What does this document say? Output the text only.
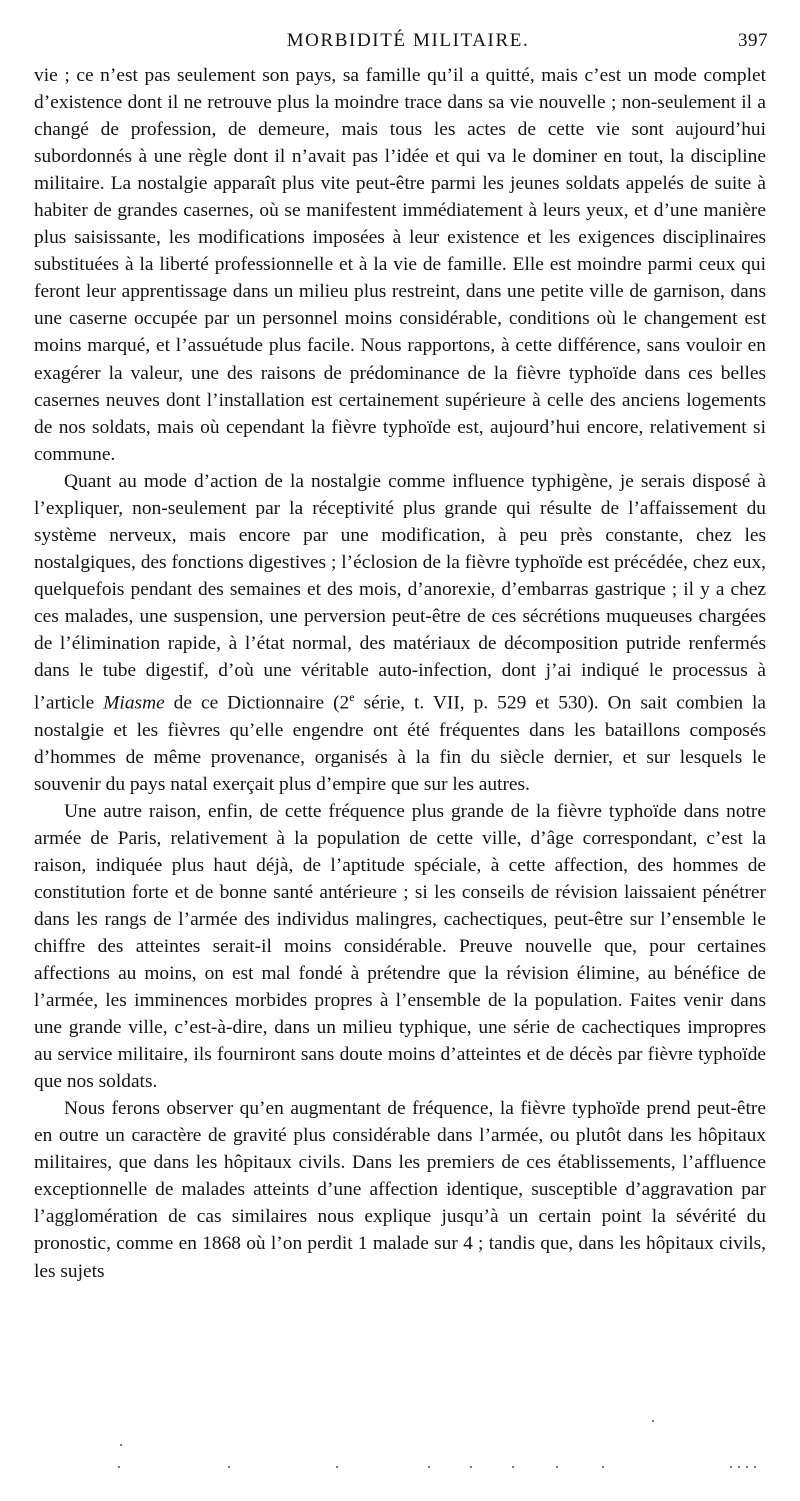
MORBIDITÉ MILITAIRE.	397

vie ; ce n’est pas seulement son pays, sa famille qu’il a quitté, mais c’est un mode complet d’existence dont il ne retrouve plus la moindre trace dans sa vie nouvelle ; non-seulement il a changé de profession, de demeure, mais tous les actes de cette vie sont aujourd’hui subordonnés à une règle dont il n’avait pas l’idée et qui va le dominer en tout, la discipline militaire. La nostalgie apparaît plus vite peut-être parmi les jeunes soldats appelés de suite à habiter de grandes casernes, où se manifestent immédiatement à leurs yeux, et d’une manière plus saisissante, les modifications imposées à leur existence et les exigences disciplinaires substituées à la liberté professionnelle et à la vie de famille. Elle est moindre parmi ceux qui feront leur apprentissage dans un milieu plus restreint, dans une petite ville de garnison, dans une caserne occupée par un personnel moins considérable, conditions où le changement est moins marqué, et l’assuétude plus facile. Nous rapportons, à cette différence, sans vouloir en exagérer la valeur, une des raisons de prédominance de la fièvre typhoïde dans ces belles casernes neuves dont l’installation est certainement supérieure à celle des anciens logements de nos soldats, mais où cependant la fièvre typhoïde est, aujourd’hui encore, relativement si commune.

Quant au mode d’action de la nostalgie comme influence typhigène, je serais disposé à l’expliquer, non-seulement par la réceptivité plus grande qui résulte de l’affaissement du système nerveux, mais encore par une modification, à peu près constante, chez les nostalgiques, des fonctions digestives ; l’éclosion de la fièvre typhoïde est précédée, chez eux, quelquefois pendant des semaines et des mois, d’anorexie, d’embarras gastrique ; il y a chez ces malades, une suspension, une perversion peut-être de ces sécrétions muqueuses chargées de l’élimination rapide, à l’état normal, des matériaux de décomposition putride renfermés dans le tube digestif, d’où une véritable auto-infection, dont j’ai indiqué le processus à l’article Miasme de ce Dictionnaire (2e série, t. VII, p. 529 et 530). On sait combien la nostalgie et les fièvres qu’elle engendre ont été fréquentes dans les bataillons composés d’hommes de même provenance, organisés à la fin du siècle dernier, et sur lesquels le souvenir du pays natal exerçait plus d’empire que sur les autres.

Une autre raison, enfin, de cette fréquence plus grande de la fièvre typhoïde dans notre armée de Paris, relativement à la population de cette ville, d’âge correspondant, c’est la raison, indiquée plus haut déjà, de l’aptitude spéciale, à cette affection, des hommes de constitution forte et de bonne santé antérieure ; si les conseils de révision laissaient pénétrer dans les rangs de l’armée des individus malingres, cachectiques, peut-être sur l’ensemble le chiffre des atteintes serait-il moins considérable. Preuve nouvelle que, pour certaines affections au moins, on est mal fondé à prétendre que la révision élimine, au bénéfice de l’armée, les imminences morbides propres à l’ensemble de la population. Faites venir dans une grande ville, c’est-à-dire, dans un milieu typhique, une série de cachectiques impropres au service militaire, ils fourniront sans doute moins d’atteintes et de décès par fièvre typhoïde que nos soldats.

Nous ferons observer qu’en augmentant de fréquence, la fièvre typhoïde prend peut-être en outre un caractère de gravité plus considérable dans l’armée, ou plutôt dans les hôpitaux militaires, que dans les hôpitaux civils. Dans les premiers de ces établissements, l’affluence exceptionnelle de malades atteints d’une affection identique, susceptible d’aggravation par l’agglomération de cas similaires nous explique jusqu’à un certain point la sévérité du pronostic, comme en 1868 où l’on perdit 1 malade sur 4 ; tandis que, dans les hôpitaux civils, les sujets
